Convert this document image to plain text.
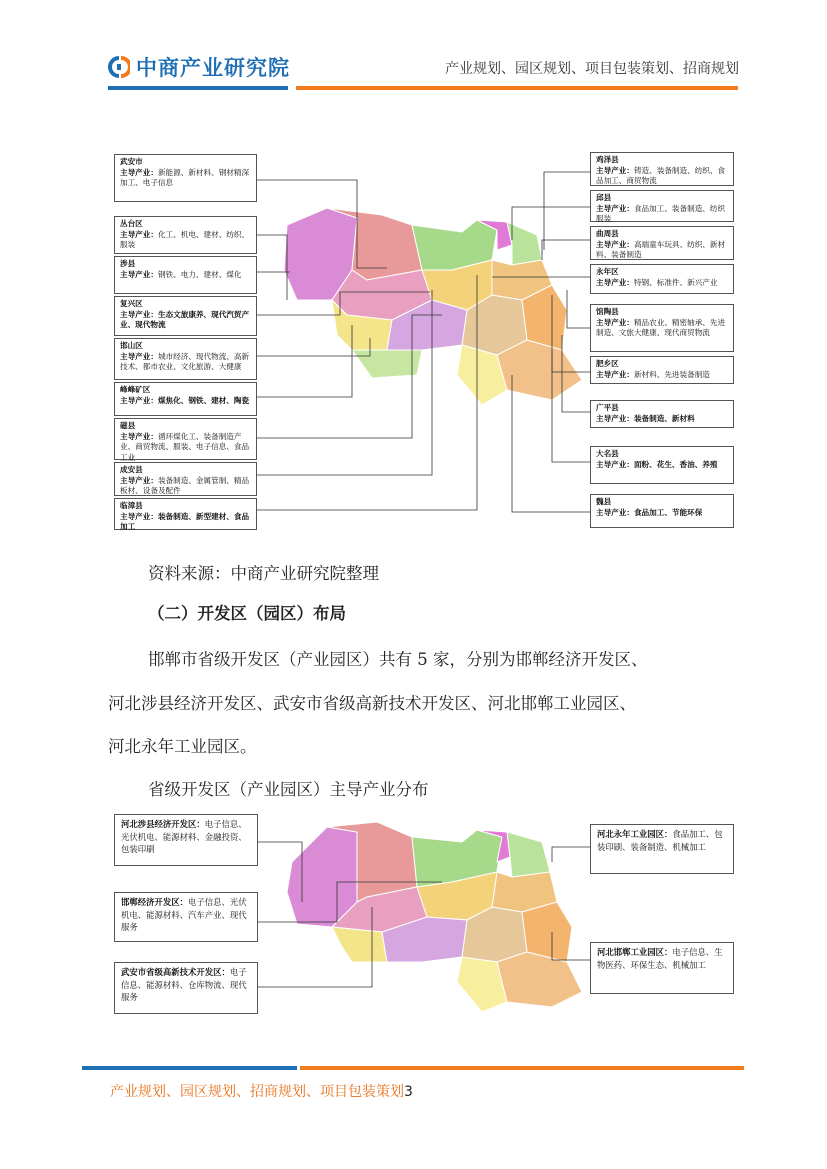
中商产业研究院	产业规划、园区规划、项目包装策划、招商规划
武安市
主导产业：新能源、新材料、钢材精深加工、电子信息
丛台区
主导产业：化工、机电、建材、纺织、服装
涉县
主导产业：钢铁、电力、建材、煤化
复兴区
主导产业：生态文旅康养、现代汽贸产业、现代物流
邯山区
主导产业：城市经济、现代物流、高新技术、都市农业、文化旅游、大健康
峰峰矿区
主导产业：煤焦化、钢铁、建材、陶瓷
磁县
主导产业：循环煤化工、装备制造产业、商贸物流、服装、电子信息、食品工业
成安县
主导产业：装备制造、金属管制、精品板材、设备及配件
临漳县
主导产业：装备制造、新型建材、食品加工
鸡泽县
主导产业：铸造、装备制造、纺织、食品加工、商贸物流
邱县
主导产业：食品加工、装备制造、纺织服装
曲周县
主导产业：高端童车玩具、纺织、新材料、装备制造
永年区
主导产业：特钢、标准件、新兴产业
馆陶县
主导产业：精品农业、精密轴承、先进制造、文旅大健康、现代商贸物流
肥乡区
主导产业：新材料、先进装备制造
广平县
主导产业：装备制造、新材料
大名县
主导产业：面粉、花生、香油、养殖
魏县
主导产业：食品加工、节能环保
资料来源：中商产业研究院整理
（二）开发区（园区）布局
邯郸市省级开发区（产业园区）共有 5 家，分别为邯郸经济开发区、
河北涉县经济开发区、武安市省级高新技术开发区、河北邯郸工业园区、
河北永年工业园区。
省级开发区（产业园区）主导产业分布
河北涉县经济开发区：电子信息、光伏机电、能源材料、金融投资、包装印刷
邯郸经济开发区：电子信息、光伏机电、能源材料、汽车产业、现代服务
武安市省级高新技术开发区：电子信息、能源材料、仓库物流、现代服务
河北永年工业园区：食品加工、包装印刷、装备制造、机械加工
河北邯郸工业园区：电子信息、生物医药、环保生态、机械加工
产业规划、园区规划、招商规划、项目包装策划3
